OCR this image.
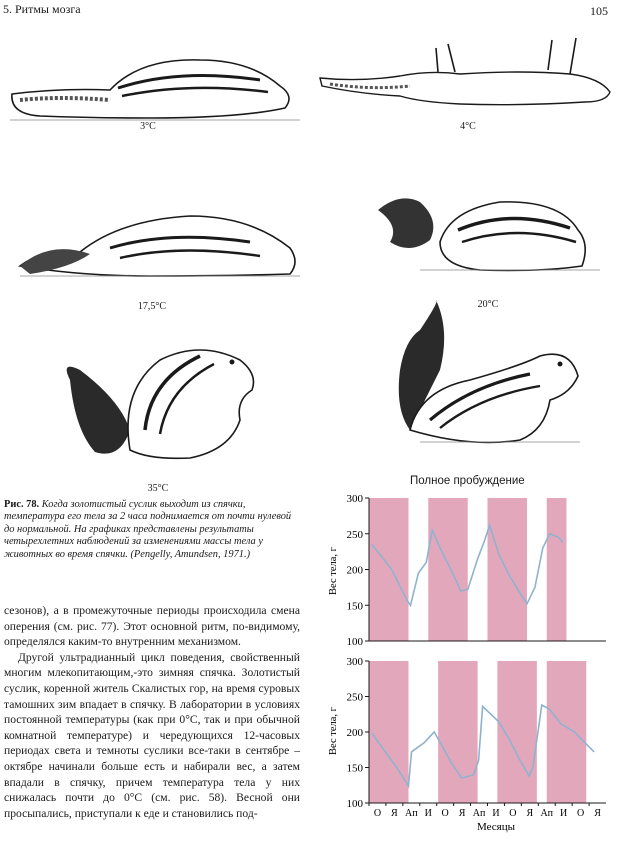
5. Ритмы мозга	105
3°C	4°C
17,5°C	20°C
35°C
Рис. 78. Когда золотистый суслик выходит из спячки, температура его тела за 2 часа поднимается от почти нулевой до нормальной. На графиках представлены результаты четырехлетних наблюдений за изменениями массы тела у животных во время спячки. (Pengelly, Amundsen, 1971.)

сезонов), а в промежуточные периоды происходила смена оперения (см. рис. 77). Этот основной ритм, по-видимому, определялся каким-то внутренним механизмом.

Другой ультрадианный цикл поведения, свойственный многим млекопитающим,-это зимняя спячка. Золотистый суслик, коренной житель Скалистых гор, на время суровых тамошних зим впадает в спячку. В лаборатории в условиях постоянной температуры (как при 0°C, так и при обычной комнатной температуре) и чередующихся 12-часовых периодах света и темноты суслики все-таки в сентябре – октябре начинали больше есть и набирали вес, а затем впадали в спячку, причем температура тела у них снижалась почти до 0°C (см. рис. 58). Весной они просыпались, приступали к еде и становились под-

Полное пробуждение
100
150
200
250
300
100
150
200
250
300
О Я Ап И О Я Ап И О Я Ап И О Я
Вес тела, г
Вес тела, г
Месяцы
